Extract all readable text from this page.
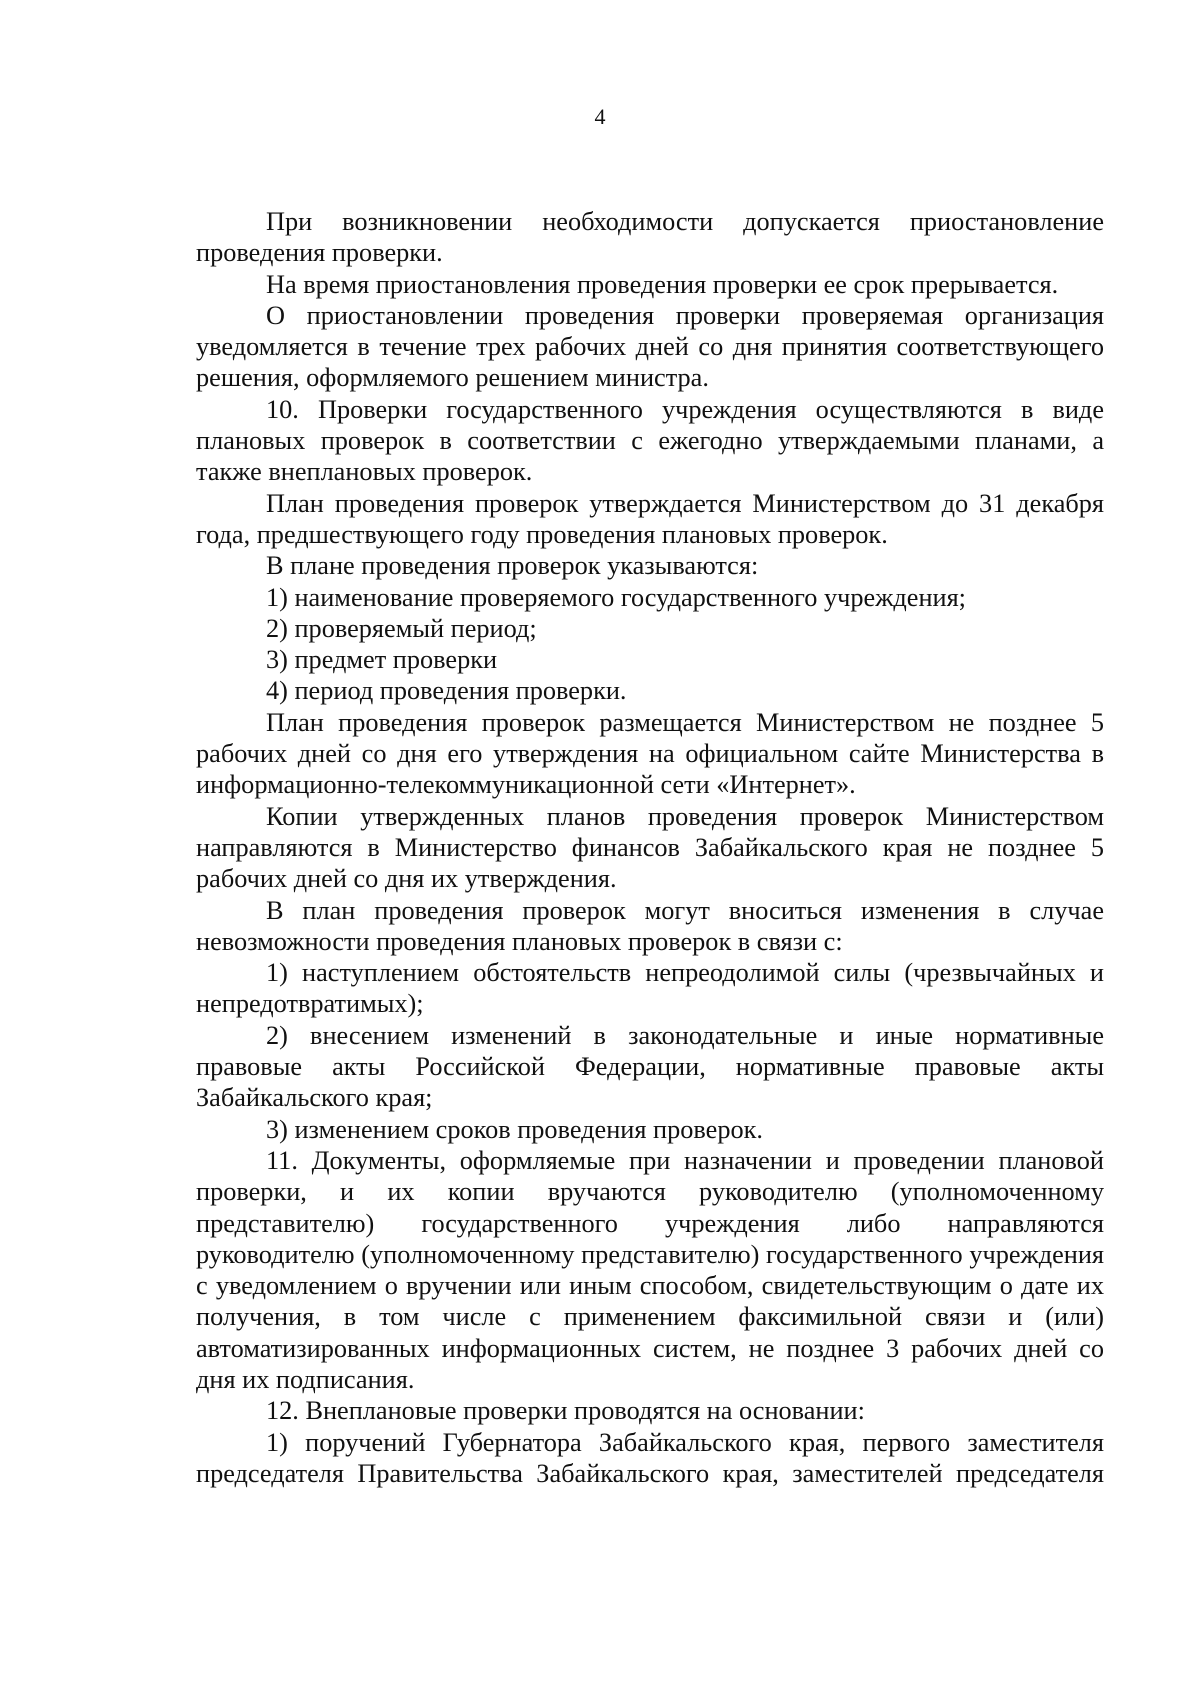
4

При возникновении необходимости допускается приостановление проведения проверки.

На время приостановления проведения проверки ее срок прерывается.

О приостановлении проведения проверки проверяемая организация уведомляется в течение трех рабочих дней со дня принятия соответствующего решения, оформляемого решением министра.

10. Проверки государственного учреждения осуществляются в виде плановых проверок в соответствии с ежегодно утверждаемыми планами, а также внеплановых проверок.

План проведения проверок утверждается Министерством до 31 декабря года, предшествующего году проведения плановых проверок.

В плане проведения проверок указываются:

1) наименование проверяемого государственного учреждения;

2) проверяемый период;

3) предмет проверки

4) период проведения проверки.

План проведения проверок размещается Министерством не позднее 5 рабочих дней со дня его утверждения на официальном сайте Министерства в информационно-телекоммуникационной сети «Интернет».

Копии утвержденных планов проведения проверок Министерством направляются в Министерство финансов Забайкальского края не позднее 5 рабочих дней со дня их утверждения.

В план проведения проверок могут вноситься изменения в случае невозможности проведения плановых проверок в связи с:

1) наступлением обстоятельств непреодолимой силы (чрезвычайных и непредотвратимых);

2) внесением изменений в законодательные и иные нормативные правовые акты Российской Федерации, нормативные правовые акты Забайкальского края;

3) изменением сроков проведения проверок.

11. Документы, оформляемые при назначении и проведении плановой проверки, и их копии вручаются руководителю (уполномоченному представителю) государственного учреждения либо направляются руководителю (уполномоченному представителю) государственного учреждения с уведомлением о вручении или иным способом, свидетельствующим о дате их получения, в том числе с применением факсимильной связи и (или) автоматизированных информационных систем, не позднее 3 рабочих дней со дня их подписания.

12. Внеплановые проверки проводятся на основании:

1) поручений Губернатора Забайкальского края, первого заместителя председателя Правительства Забайкальского края, заместителей председателя
